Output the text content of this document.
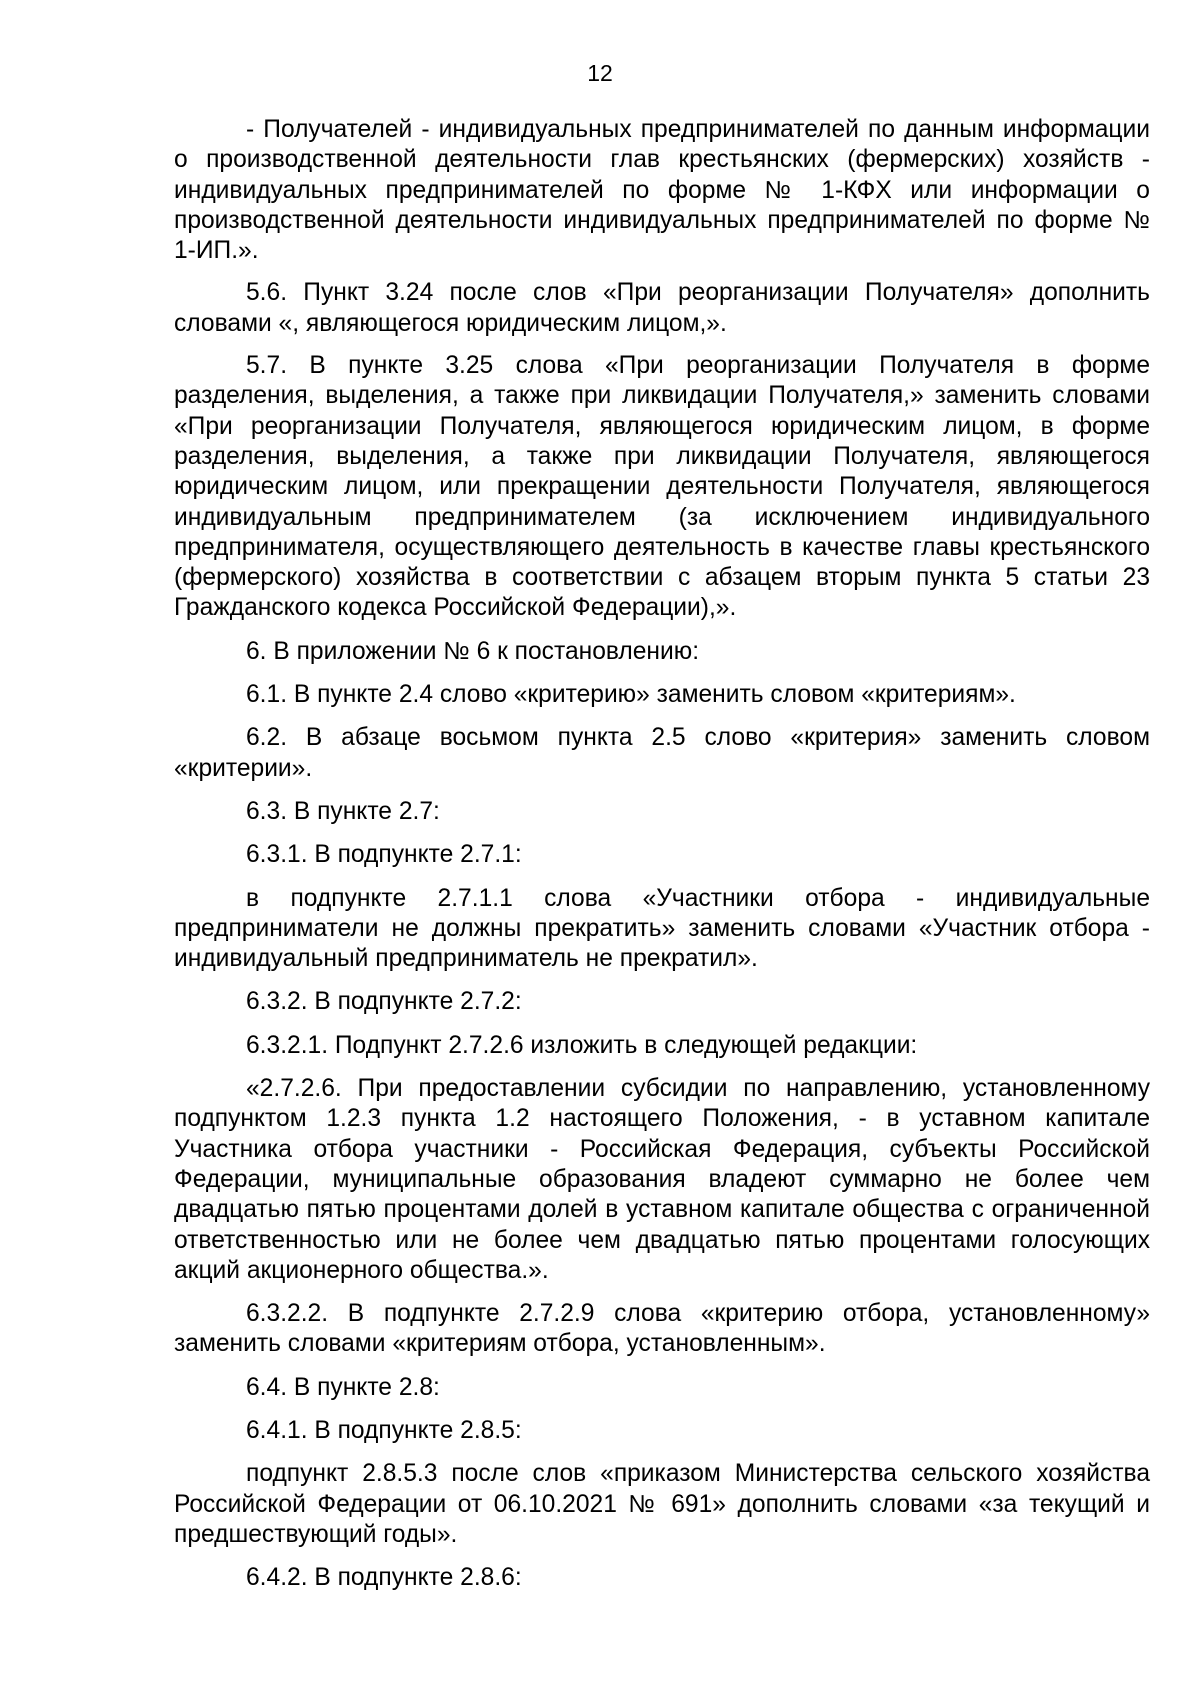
12

- Получателей - индивидуальных предпринимателей по данным информации о производственной деятельности глав крестьянских (фермерских) хозяйств - индивидуальных предпринимателей по форме № 1-КФХ или информации о производственной деятельности индивидуальных предпринимателей по форме № 1-ИП.».

5.6. Пункт 3.24 после слов «При реорганизации Получателя» дополнить словами «, являющегося юридическим лицом,».

5.7. В пункте 3.25 слова «При реорганизации Получателя в форме разделения, выделения, а также при ликвидации Получателя,» заменить словами «При реорганизации Получателя, являющегося юридическим лицом, в форме разделения, выделения, а также при ликвидации Получателя, являющегося юридическим лицом, или прекращении деятельности Получателя, являющегося индивидуальным предпринимателем (за исключением индивидуального предпринимателя, осуществляющего деятельность в качестве главы крестьянского (фермерского) хозяйства в соответствии с абзацем вторым пункта 5 статьи 23 Гражданского кодекса Российской Федерации),».

6. В приложении № 6 к постановлению:

6.1. В пункте 2.4 слово «критерию» заменить словом «критериям».

6.2. В абзаце восьмом пункта 2.5 слово «критерия» заменить словом «критерии».

6.3. В пункте 2.7:

6.3.1. В подпункте 2.7.1:

в подпункте 2.7.1.1 слова «Участники отбора - индивидуальные предприниматели не должны прекратить» заменить словами «Участник отбора - индивидуальный предприниматель не прекратил».

6.3.2. В подпункте 2.7.2:

6.3.2.1. Подпункт 2.7.2.6 изложить в следующей редакции:

«2.7.2.6. При предоставлении субсидии по направлению, установленному подпунктом 1.2.3 пункта 1.2 настоящего Положения, - в уставном капитале Участника отбора участники - Российская Федерация, субъекты Российской Федерации, муниципальные образования владеют суммарно не более чем двадцатью пятью процентами долей в уставном капитале общества с ограниченной ответственностью или не более чем двадцатью пятью процентами голосующих акций акционерного общества.».

6.3.2.2. В подпункте 2.7.2.9 слова «критерию отбора, установленному» заменить словами «критериям отбора, установленным».

6.4. В пункте 2.8:

6.4.1. В подпункте 2.8.5:

подпункт 2.8.5.3 после слов «приказом Министерства сельского хозяйства Российской Федерации от 06.10.2021 № 691» дополнить словами «за текущий и предшествующий годы».

6.4.2. В подпункте 2.8.6:
